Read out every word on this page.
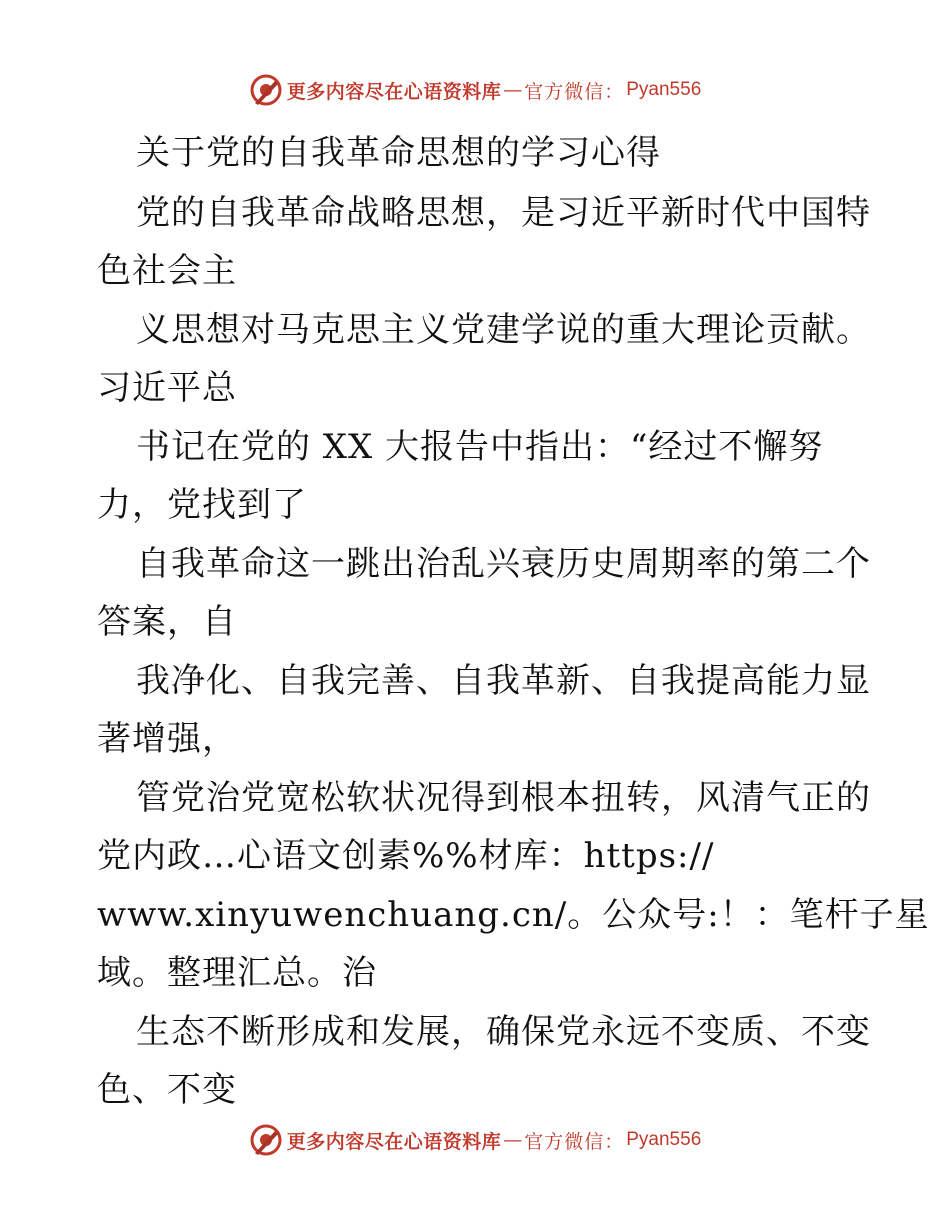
更多内容尽在心语资料库 — 官方微信： Pyan556
关于党的自我革命思想的学习心得
党的自我革命战略思想，是习近平新时代中国特
色社会主
义思想对马克思主义党建学说的重大理论贡献。
习近平总
书记在党的 XX 大报告中指出：“经过不懈努
力，党找到了
自我革命这一跳出治乱兴衰历史周期率的第二个
答案，自
我净化、自我完善、自我革新、自我提高能力显
著增强，
管党治党宽松软状况得到根本扭转，风清气正的
党内政…心语文创素%%材库：https://
www.xinyuwenchuang.cn/。公众号:！：笔杆子星
域。整理汇总。治
生态不断形成和发展，确保党永远不变质、不变
色、不变
更多内容尽在心语资料库 — 官方微信： Pyan556
